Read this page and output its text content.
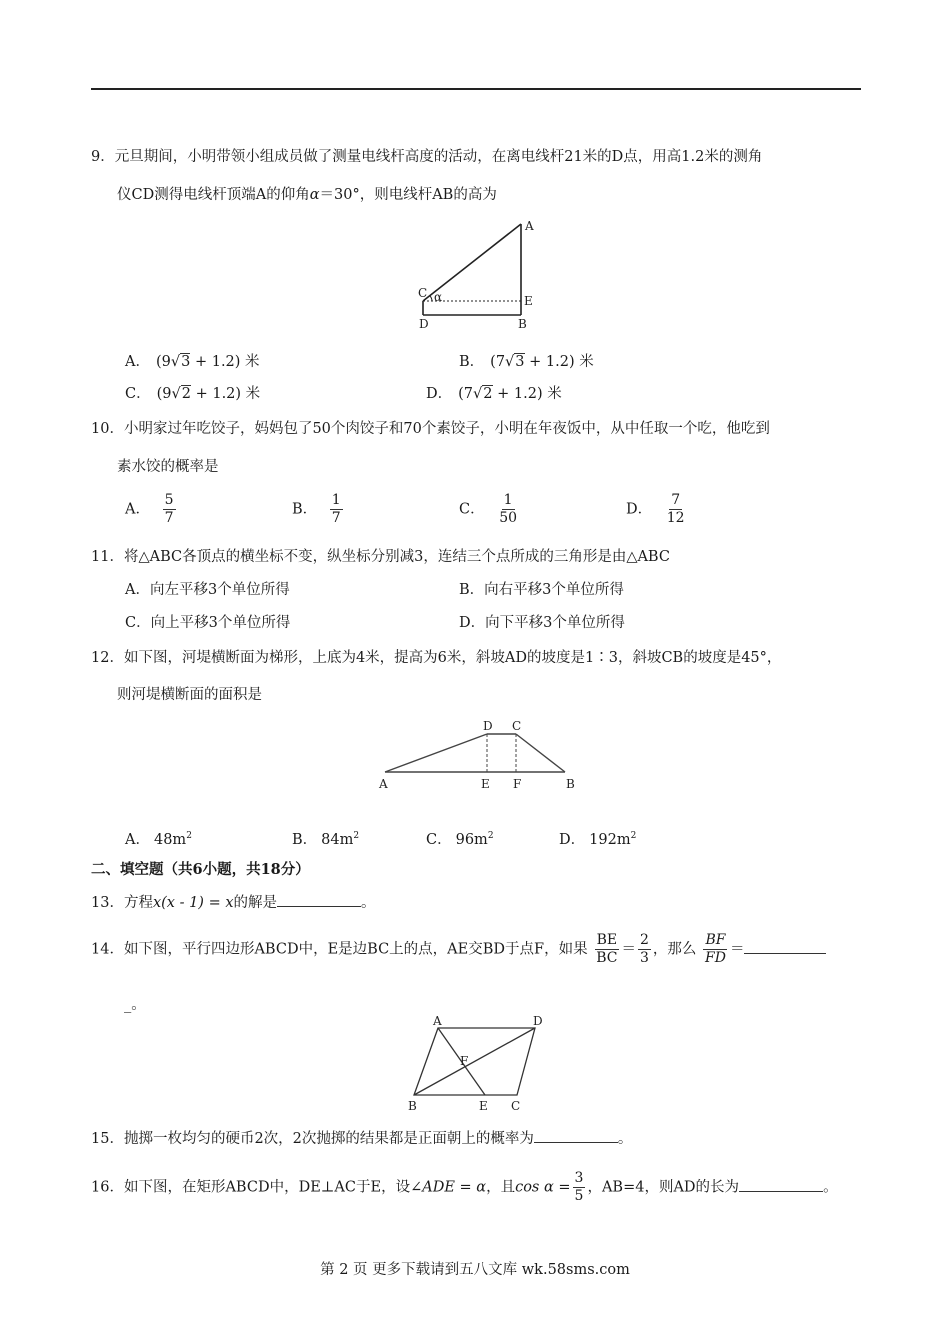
9．元旦期间，小明带领小组成员做了测量电线杆高度的活动，在离电线杆21米的D点，用高1.2米的测角
仪CD测得电线杆顶端A的仰角α＝30°，则电线杆AB的高为
A
C α	E
D	B
A． (9√3 + 1.2) 米	B． (7√3 + 1.2) 米
C． (9√2 + 1.2) 米	D． (7√2 + 1.2) 米
10．小明家过年吃饺子，妈妈包了50个肉饺子和70个素饺子，小明在年夜饭中，从中任取一个吃，他吃到
素水饺的概率是
A． $\frac{5}{7}$	B． $\frac{1}{7}$	C． $\frac{1}{50}$	D． $\frac{7}{12}$
11．将△ABC各顶点的横坐标不变，纵坐标分别减3，连结三个点所成的三角形是由△ABC
A．向左平移3个单位所得	B．向右平移3个单位所得
C．向上平移3个单位所得	D．向下平移3个单位所得
12．如下图，河堤横断面为梯形，上底为4米，提高为6米，斜坡AD的坡度是1∶3，斜坡CB的坡度是45°，
则河堤横断面的面积是
D C
A	E F	B
A． $48m^2$	B． $84m^2$	C． $96m^2$	D． $192m^2$
二、填空题（共6小题，共18分）
13．方程x(x - 1) = x的解是	。
14．如下图，平行四边形ABCD中，E是边BC上的点，AE交BD于点F，如果 $\frac{BE}{BC} = \frac{2}{3}$ ，那么 $\frac{BF}{FD}$ ＝
_。
A	D
F
B	E C
15．抛掷一枚均匀的硬币2次，2次抛掷的结果都是正面朝上的概率为	。
16．如下图，在矩形ABCD中，DE⊥AC于E，设∠ADE = α，且$\cos \alpha = \frac{3}{5}$ ，AB=4，则AD的长为	。
第 2 页 更多下载请到五八文库 wk.58sms.com
